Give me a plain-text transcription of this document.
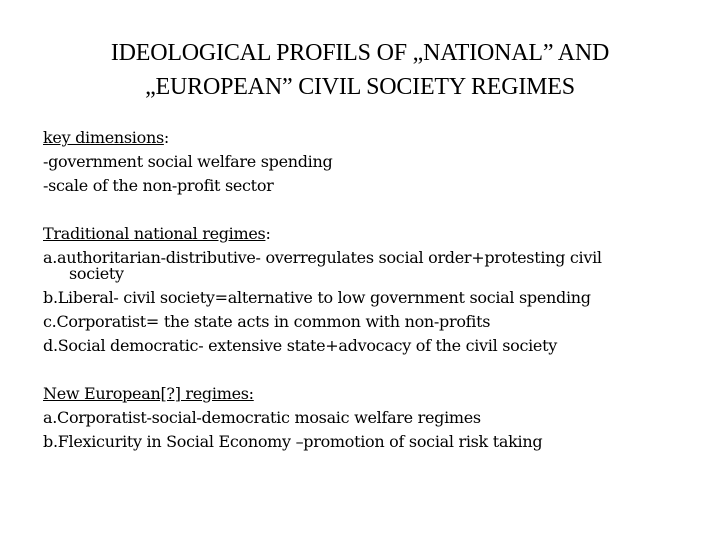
IDEOLOGICAL PROFILS OF „NATIONAL” AND
„EUROPEAN” CIVIL SOCIETY REGIMES
key dimensions:
-government social welfare spending
-scale of the non-profit sector
Traditional national regimes:
a.authoritarian-distributive- overregulates social order+protesting civil
society
b.Liberal- civil society=alternative to low government social spending
c.Corporatist= the state acts in common with non-profits
d.Social democratic- extensive state+advocacy of the civil society
New European[?] regimes:
a.Corporatist-social-democratic mosaic welfare regimes
b.Flexicurity in Social Economy –promotion of social risk taking
